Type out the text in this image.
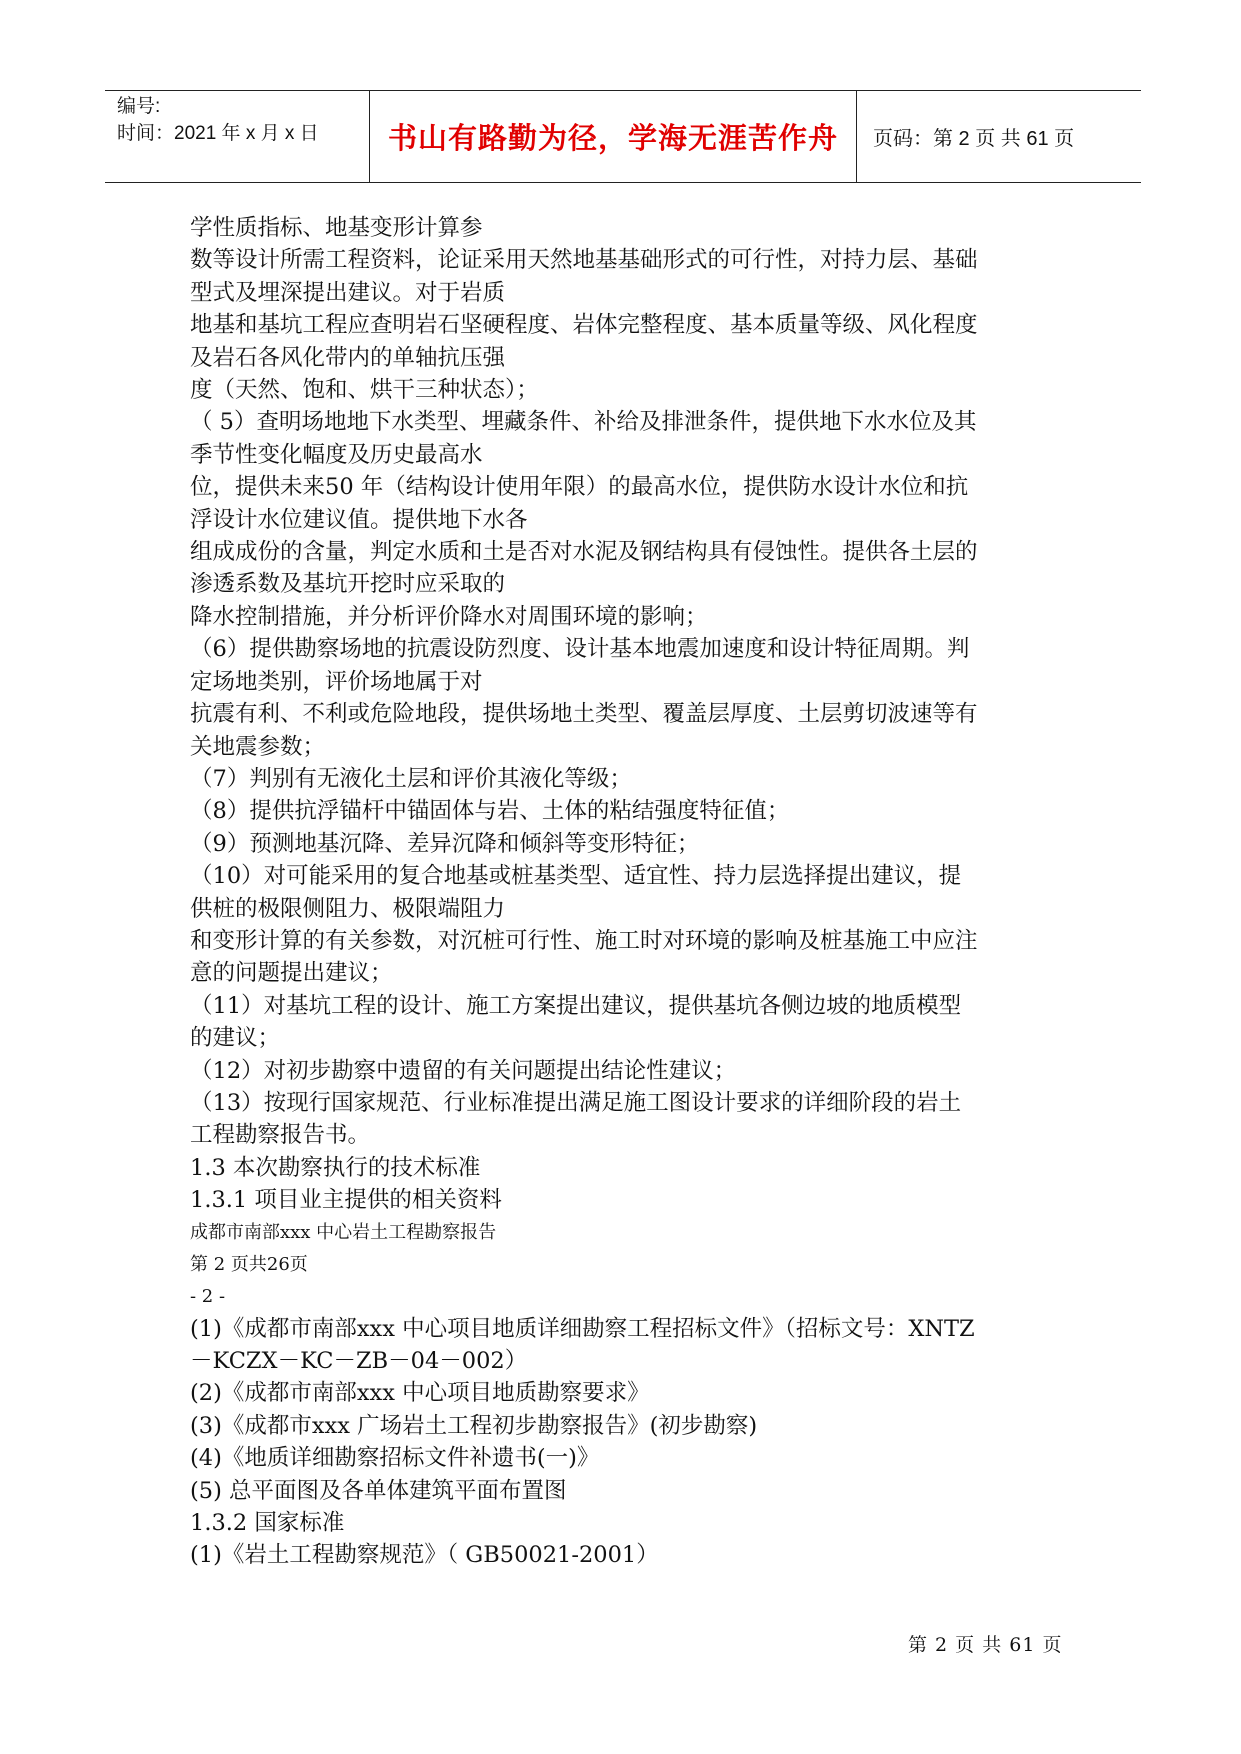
编号:
时间：2021 年 x 月 x 日	书山有路勤为径，学海无涯苦作舟	页码：第 2 页 共 61 页

学性质指标、地基变形计算参

数等设计所需工程资料，论证采用天然地基基础形式的可行性，对持力层、基础

型式及埋深提出建议。对于岩质

地基和基坑工程应查明岩石坚硬程度、岩体完整程度、基本质量等级、风化程度

及岩石各风化带内的单轴抗压强

度（天然、饱和、烘干三种状态）；

（ 5）查明场地地下水类型、埋藏条件、补给及排泄条件，提供地下水水位及其

季节性变化幅度及历史最高水

位，提供未来50 年（结构设计使用年限）的最高水位，提供防水设计水位和抗

浮设计水位建议值。提供地下水各

组成成份的含量，判定水质和土是否对水泥及钢结构具有侵蚀性。提供各土层的

渗透系数及基坑开挖时应采取的

降水控制措施，并分析评价降水对周围环境的影响；

（6）提供勘察场地的抗震设防烈度、设计基本地震加速度和设计特征周期。判

定场地类别，评价场地属于对

抗震有利、不利或危险地段，提供场地土类型、覆盖层厚度、土层剪切波速等有

关地震参数；

（7）判别有无液化土层和评价其液化等级；

（8）提供抗浮锚杆中锚固体与岩、土体的粘结强度特征值；

（9）预测地基沉降、差异沉降和倾斜等变形特征；

（10）对可能采用的复合地基或桩基类型、适宜性、持力层选择提出建议，提

供桩的极限侧阻力、极限端阻力

和变形计算的有关参数，对沉桩可行性、施工时对环境的影响及桩基施工中应注

意的问题提出建议；

（11）对基坑工程的设计、施工方案提出建议，提供基坑各侧边坡的地质模型

的建议；

（12）对初步勘察中遗留的有关问题提出结论性建议；

（13）按现行国家规范、行业标准提出满足施工图设计要求的详细阶段的岩土

工程勘察报告书。

1.3 本次勘察执行的技术标准

1.3.1 项目业主提供的相关资料

成都市南部xxx 中心岩土工程勘察报告

第 2 页共26页

- 2 -

(1)《成都市南部xxx 中心项目地质详细勘察工程招标文件》（招标文号：XNTZ

－KCZX－KC－ZB－04－002）

(2)《成都市南部xxx 中心项目地质勘察要求》

(3)《成都市xxx 广场岩土工程初步勘察报告》(初步勘察)

(4)《地质详细勘察招标文件补遗书(一)》

(5) 总平面图及各单体建筑平面布置图

1.3.2 国家标准

(1)《岩土工程勘察规范》（ GB50021-2001）

第 2 页 共 61 页
